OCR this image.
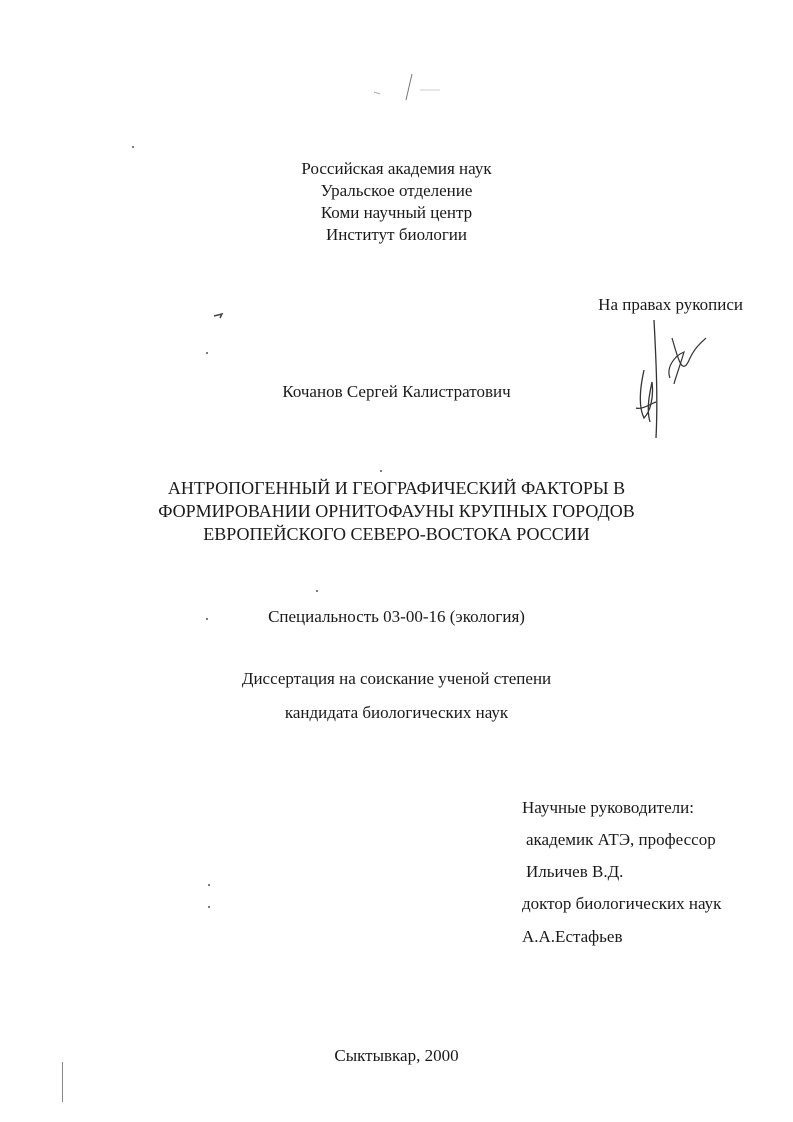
Российская академия наук
Уральское отделение
Коми научный центр
Институт биологии
На правах рукописи
Кочанов Сергей Калистратович
АНТРОПОГЕННЫЙ И ГЕОГРАФИЧЕСКИЙ ФАКТОРЫ В
ФОРМИРОВАНИИ ОРНИТОФАУНЫ КРУПНЫХ ГОРОДОВ
ЕВРОПЕЙСКОГО СЕВЕРО-ВОСТОКА РОССИИ
Специальность 03-00-16 (экология)
Диссертация на соискание ученой степени
кандидата биологических наук
Научные руководители:
академик АТЭ, профессор
Ильичев В.Д.
доктор биологических наук
А.А.Естафьев
Сыктывкар, 2000
